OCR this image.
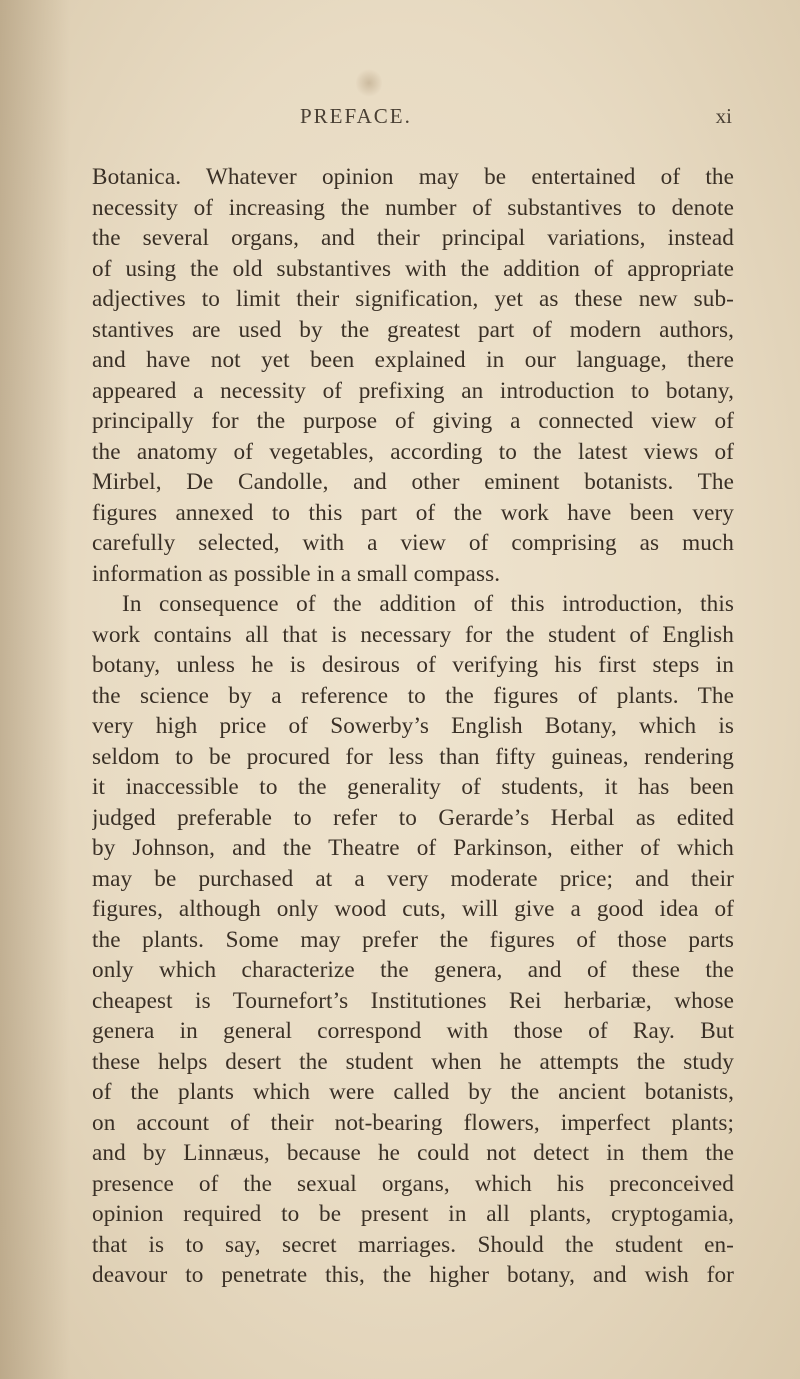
PREFACE.	xi
Botanica. Whatever opinion may be entertained of the
necessity of increasing the number of substantives to denote
the several organs, and their principal variations, instead
of using the old substantives with the addition of appropriate
adjectives to limit their signification, yet as these new sub-
stantives are used by the greatest part of modern authors,
and have not yet been explained in our language, there
appeared a necessity of prefixing an introduction to botany,
principally for the purpose of giving a connected view of
the anatomy of vegetables, according to the latest views of
Mirbel, De Candolle, and other eminent botanists. The
figures annexed to this part of the work have been very
carefully selected, with a view of comprising as much
information as possible in a small compass.
In consequence of the addition of this introduction, this
work contains all that is necessary for the student of English
botany, unless he is desirous of verifying his first steps in
the science by a reference to the figures of plants. The
very high price of Sowerby’s English Botany, which is
seldom to be procured for less than fifty guineas, rendering
it inaccessible to the generality of students, it has been
judged preferable to refer to Gerarde’s Herbal as edited
by Johnson, and the Theatre of Parkinson, either of which
may be purchased at a very moderate price; and their
figures, although only wood cuts, will give a good idea of
the plants. Some may prefer the figures of those parts
only which characterize the genera, and of these the
cheapest is Tournefort’s Institutiones Rei herbariæ, whose
genera in general correspond with those of Ray. But
these helps desert the student when he attempts the study
of the plants which were called by the ancient botanists,
on account of their not-bearing flowers, imperfect plants;
and by Linnæus, because he could not detect in them the
presence of the sexual organs, which his preconceived
opinion required to be present in all plants, cryptogamia,
that is to say, secret marriages. Should the student en-
deavour to penetrate this, the higher botany, and wish for
